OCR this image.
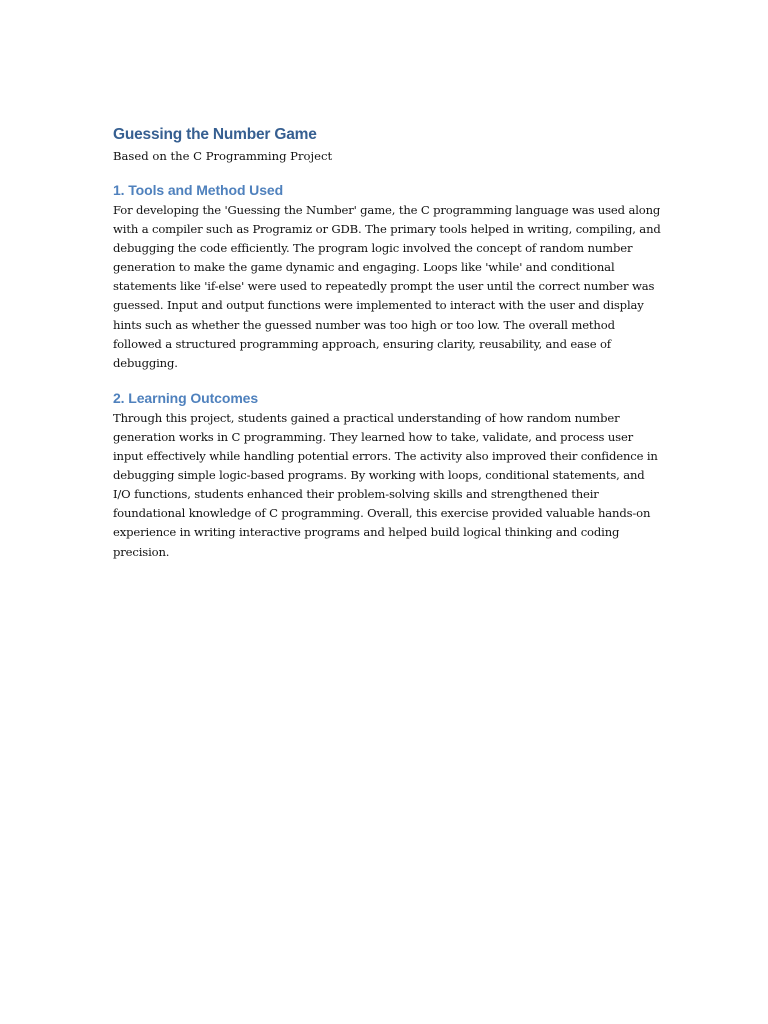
Guessing the Number Game

Based on the C Programming Project

1. Tools and Method Used

For developing the 'Guessing the Number' game, the C programming language was used along with a compiler such as Programiz or GDB. The primary tools helped in writing, compiling, and debugging the code efficiently. The program logic involved the concept of random number generation to make the game dynamic and engaging. Loops like 'while' and conditional statements like 'if-else' were used to repeatedly prompt the user until the correct number was guessed. Input and output functions were implemented to interact with the user and display hints such as whether the guessed number was too high or too low. The overall method followed a structured programming approach, ensuring clarity, reusability, and ease of debugging.

2. Learning Outcomes

Through this project, students gained a practical understanding of how random number generation works in C programming. They learned how to take, validate, and process user input effectively while handling potential errors. The activity also improved their confidence in debugging simple logic-based programs. By working with loops, conditional statements, and I/O functions, students enhanced their problem-solving skills and strengthened their foundational knowledge of C programming. Overall, this exercise provided valuable hands-on experience in writing interactive programs and helped build logical thinking and coding precision.
